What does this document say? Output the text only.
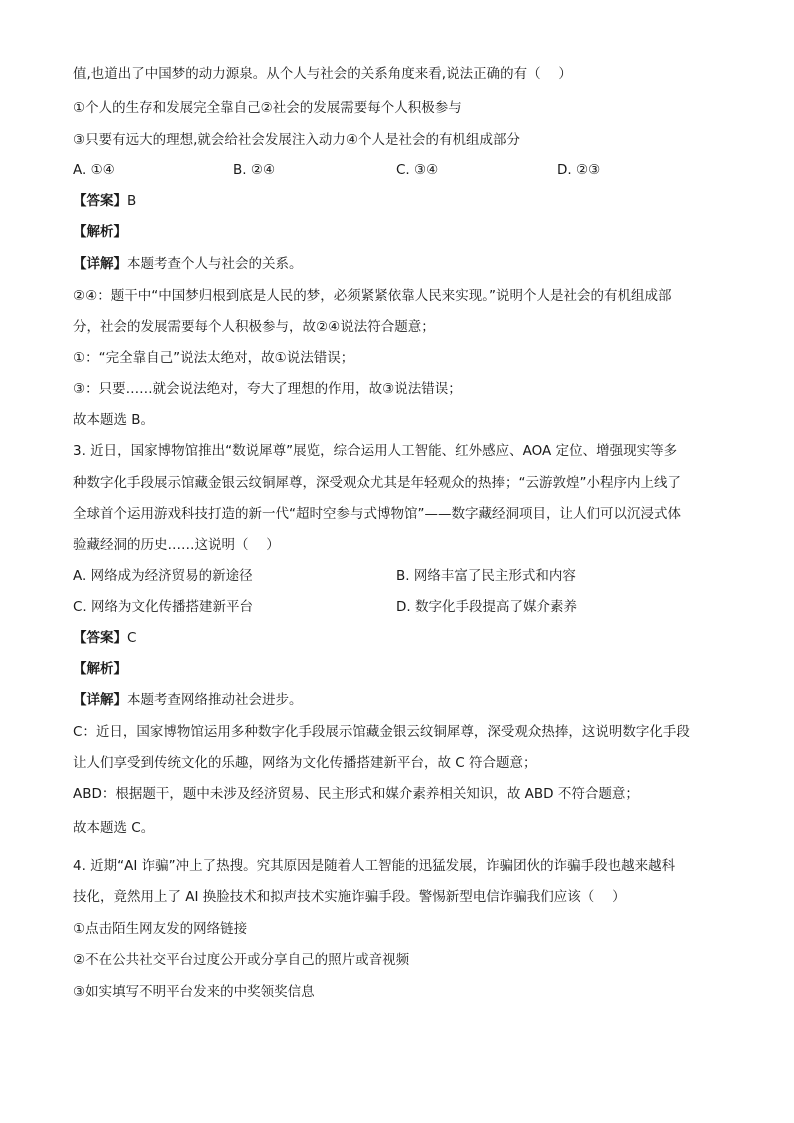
值,也道出了中国梦的动力源泉。从个人与社会的关系角度来看,说法正确的有（　 ）
①个人的生存和发展完全靠自己②社会的发展需要每个人积极参与
③只要有远大的理想,就会给社会发展注入动力④个人是社会的有机组成部分
A. ①④	B. ②④	C. ③④	D. ②③
【答案】B
【解析】
【详解】本题考查个人与社会的关系。
②④：题干中“中国梦归根到底是人民的梦，必须紧紧依靠人民来实现。”说明个人是社会的有机组成部
分，社会的发展需要每个人积极参与，故②④说法符合题意；
①：“完全靠自己”说法太绝对，故①说法错误；
③：只要……就会说法绝对，夸大了理想的作用，故③说法错误；
故本题选 B。
3. 近日，国家博物馆推出“数说犀尊”展览，综合运用人工智能、红外感应、AOA 定位、增强现实等多
种数字化手段展示馆藏金银云纹铜犀尊，深受观众尤其是年轻观众的热捧；“云游敦煌”小程序内上线了
全球首个运用游戏科技打造的新一代“超时空参与式博物馆”——数字藏经洞项目，让人们可以沉浸式体
验藏经洞的历史……这说明（　 ）
A. 网络成为经济贸易的新途径	B. 网络丰富了民主形式和内容
C. 网络为文化传播搭建新平台	D. 数字化手段提高了媒介素养
【答案】C
【解析】
【详解】本题考查网络推动社会进步。
C：近日，国家博物馆运用多种数字化手段展示馆藏金银云纹铜犀尊，深受观众热捧，这说明数字化手段
让人们享受到传统文化的乐趣，网络为文化传播搭建新平台，故 C 符合题意；
ABD：根据题干，题中未涉及经济贸易、民主形式和媒介素养相关知识，故 ABD 不符合题意；
故本题选 C。
4. 近期“AI 诈骗”冲上了热搜。究其原因是随着人工智能的迅猛发展，诈骗团伙的诈骗手段也越来越科
技化，竟然用上了 AI 换脸技术和拟声技术实施诈骗手段。警惕新型电信诈骗我们应该（　 ）
①点击陌生网友发的网络链接
②不在公共社交平台过度公开或分享自己的照片或音视频
③如实填写不明平台发来的中奖领奖信息
